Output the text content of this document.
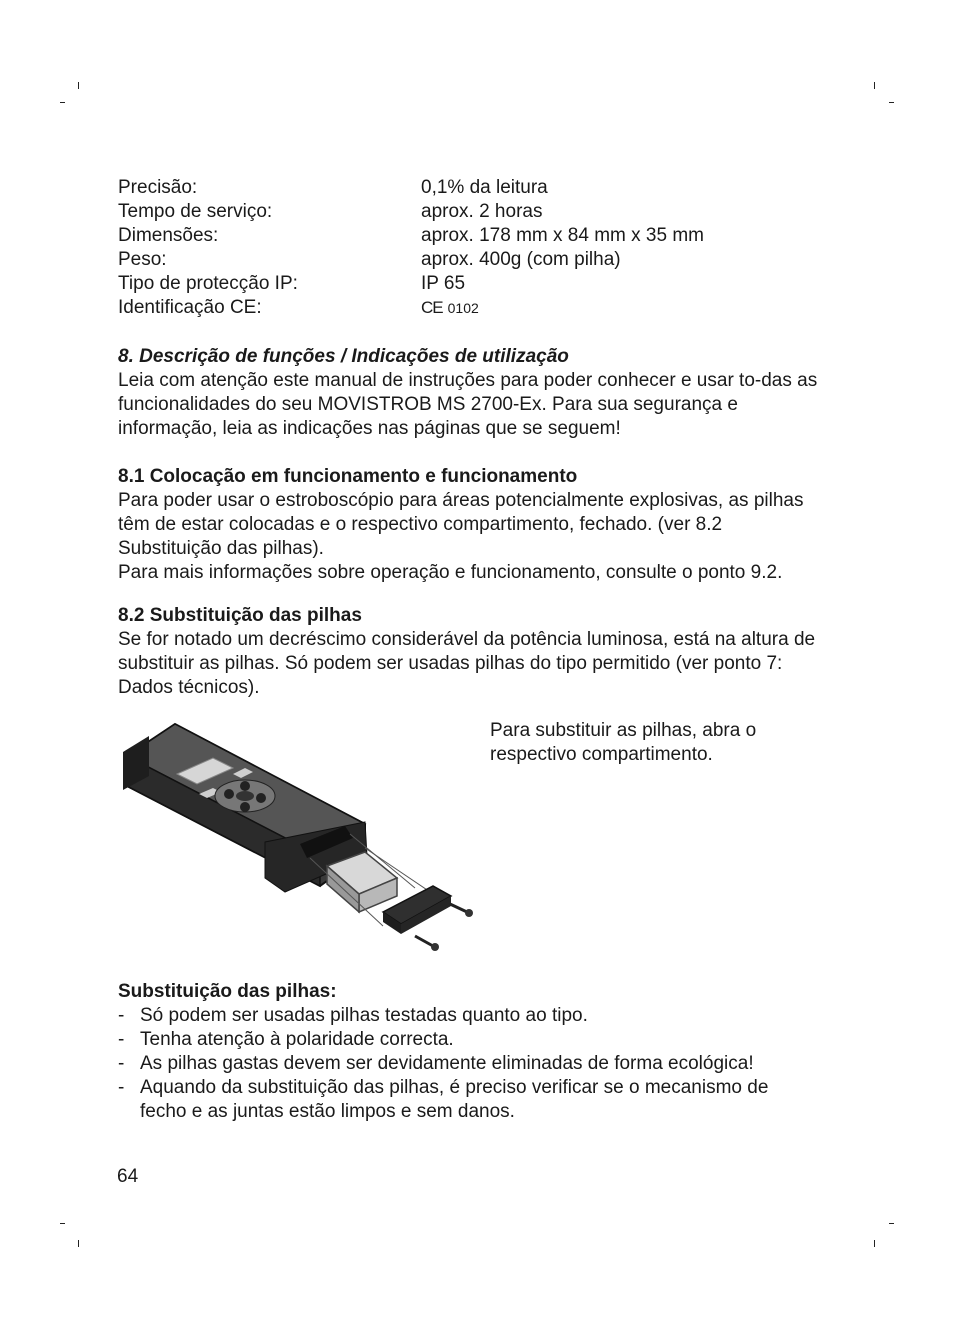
Precisão:	0,1% da leitura
Tempo de serviço:	aprox. 2 horas
Dimensões:	aprox. 178 mm x 84 mm x 35 mm
Peso:	aprox. 400g (com pilha)
Tipo de protecção IP:	IP 65
Identificação CE:	CE 0102

8. Descrição de funções / Indicações de utilização

Leia com atenção este manual de instruções para poder conhecer e usar to-das as funcionalidades do seu MOVISTROB MS 2700-Ex. Para sua segurança e informação, leia as indicações nas páginas que se seguem!

8.1 Colocação em funcionamento e funcionamento

Para poder usar o estroboscópio para áreas potencialmente explosivas, as pilhas têm de estar colocadas e o respectivo compartimento, fechado. (ver 8.2 Substituição das pilhas).

Para mais informações sobre operação e funcionamento, consulte o ponto 9.2.

8.2 Substituição das pilhas

Se for notado um decréscimo considerável da potência luminosa, está na altura de substituir as pilhas. Só podem ser usadas pilhas do tipo permitido (ver ponto 7: Dados técnicos).

Para substituir as pilhas, abra o respectivo compartimento.

Substituição das pilhas:

- Só podem ser usadas pilhas testadas quanto ao tipo.
- Tenha atenção à polaridade correcta.
- As pilhas gastas devem ser devidamente eliminadas de forma ecológica!
- Aquando da substituição das pilhas, é preciso verificar se o mecanismo de fecho e as juntas estão limpos e sem danos.
64
